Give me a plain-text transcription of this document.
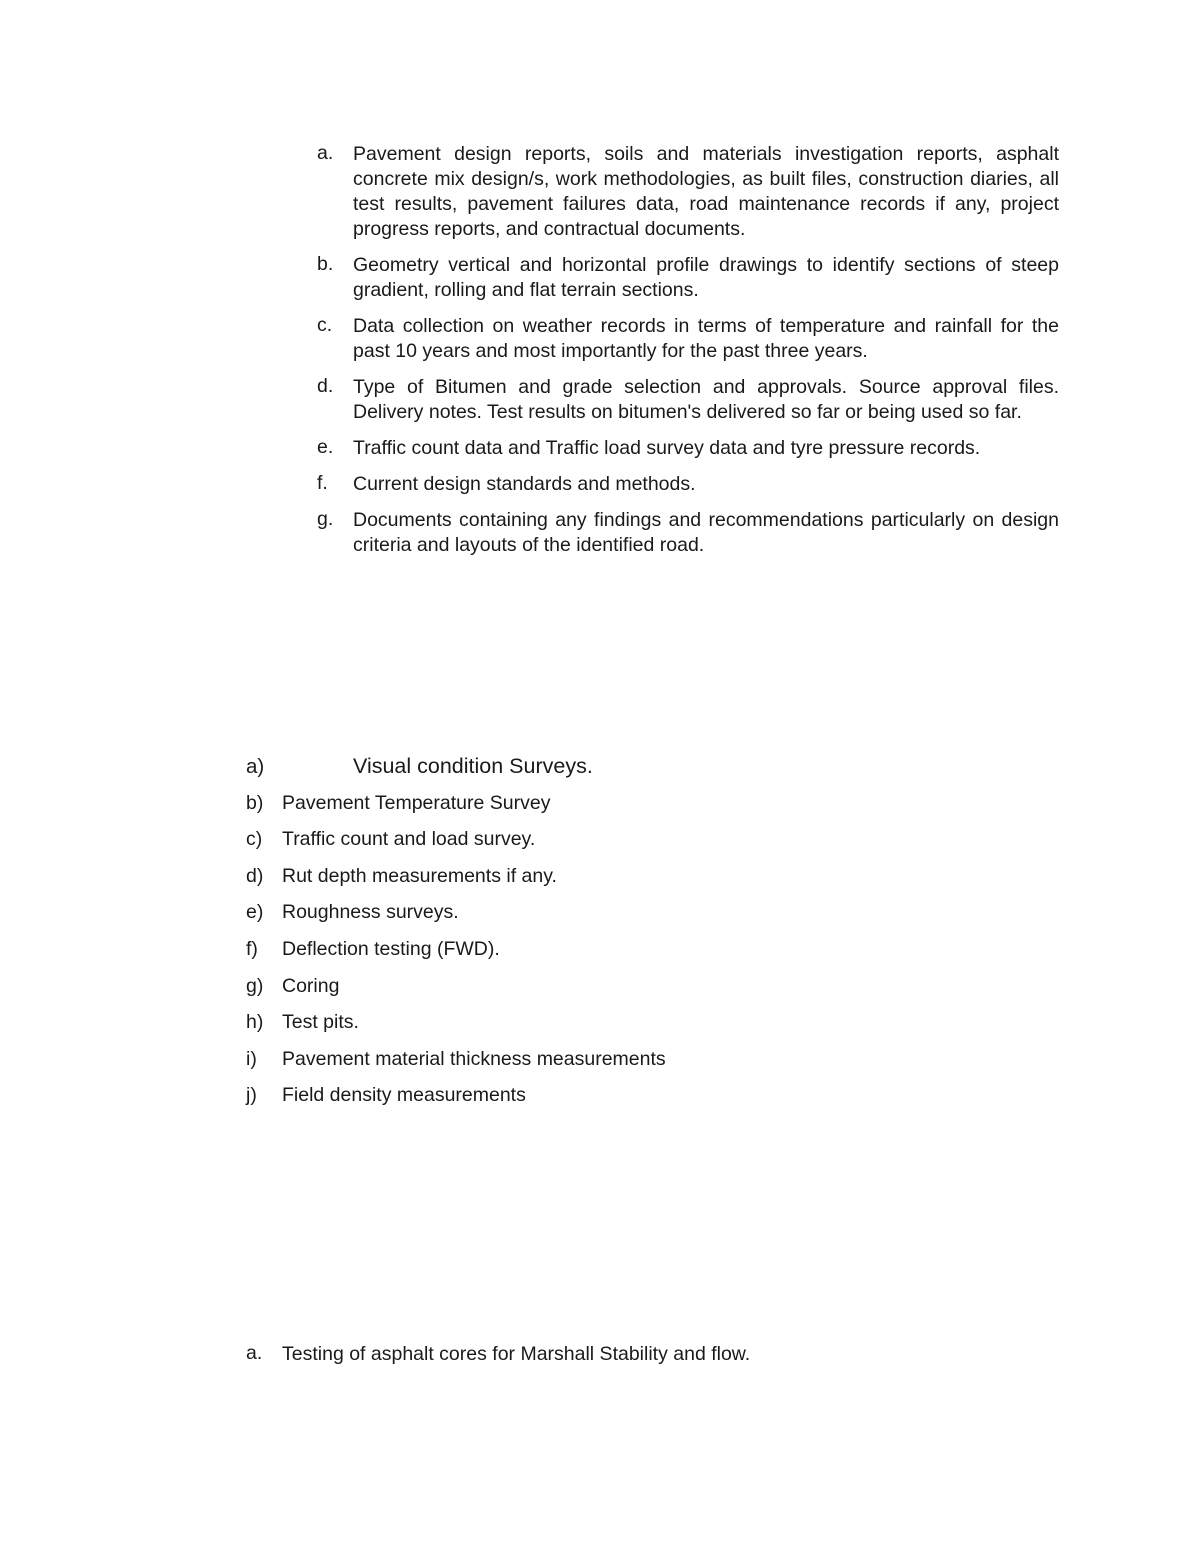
a. Pavement design reports, soils and materials investigation reports, asphalt concrete mix design/s, work methodologies, as built files, construction diaries, all test results, pavement failures data, road maintenance records if any, project progress reports, and contractual documents.
b. Geometry vertical and horizontal profile drawings to identify sections of steep gradient, rolling and flat terrain sections.
c. Data collection on weather records in terms of temperature and rainfall for the past 10 years and most importantly for the past three years.
d. Type of Bitumen and grade selection and approvals. Source approval files. Delivery notes. Test results on bitumen's delivered so far or being used so far.
e. Traffic count data and Traffic load survey data and tyre pressure records.
f. Current design standards and methods.
g. Documents containing any findings and recommendations particularly on design criteria and layouts of the identified road.
a)	Visual condition Surveys.
b) Pavement Temperature Survey
c) Traffic count and load survey.
d) Rut depth measurements if any.
e) Roughness surveys.
f) Deflection testing (FWD).
g) Coring
h) Test pits.
i) Pavement material thickness measurements
j) Field density measurements
a. Testing of asphalt cores for Marshall Stability and flow.
